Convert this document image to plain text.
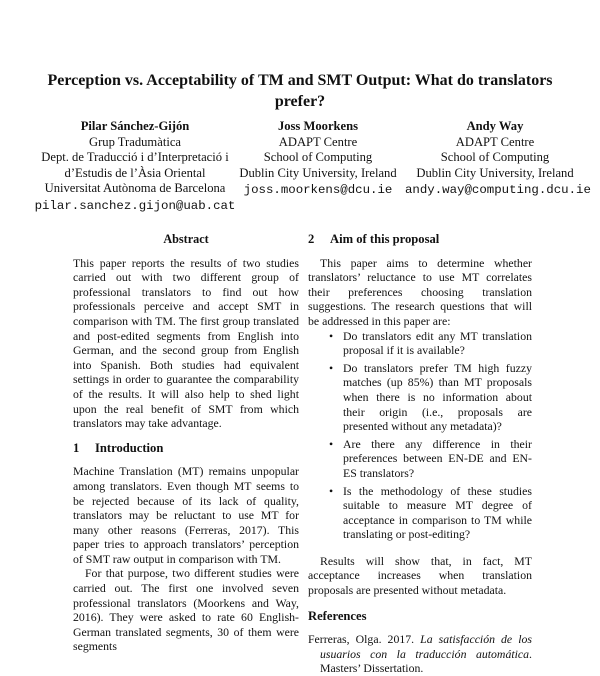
Perception vs. Acceptability of TM and SMT Output: What do translators prefer?
Pilar Sánchez-Gijón
Grup Tradumàtica
Dept. de Traducció i d’Interpretació i
d’Estudis de l’Àsia Oriental
Universitat Autònoma de Barcelona
pilar.sanchez.gijon@uab.cat
Joss Moorkens
ADAPT Centre
School of Computing
Dublin City University, Ireland
joss.moorkens@dcu.ie
Andy Way
ADAPT Centre
School of Computing
Dublin City University, Ireland
andy.way@computing.dcu.ie
Abstract

This paper reports the results of two studies carried out with two different group of professional translators to find out how professionals perceive and accept SMT in comparison with TM. The first group translated and post-edited segments from English into German, and the second group from English into Spanish. Both studies had equivalent settings in order to guarantee the comparability of the results. It will also help to shed light upon the real benefit of SMT from which translators may take advantage.

1 Introduction

Machine Translation (MT) remains unpopular among translators. Even though MT seems to be rejected because of its lack of quality, translators may be reluctant to use MT for many other reasons (Ferreras, 2017). This paper tries to approach translators’ perception of SMT raw output in comparison with TM.

For that purpose, two different studies were carried out. The first one involved seven professional translators (Moorkens and Way, 2016). They were asked to rate 60 English-German translated segments, 30 of them were segments

2 Aim of this proposal

This paper aims to determine whether translators’ reluctance to use MT correlates their preferences choosing translation suggestions. The research questions that will be addressed in this paper are:

• Do translators edit any MT translation proposal if it is available?
• Do translators prefer TM high fuzzy matches (up 85%) than MT proposals when there is no information about their origin (i.e., proposals are presented without any metadata)?
• Are there any difference in their preferences between EN-DE and EN-ES translators?
• Is the methodology of these studies suitable to measure MT degree of acceptance in comparison to TM while translating or post-editing?

Results will show that, in fact, MT acceptance increases when translation proposals are presented without metadata.

References

Ferreras, Olga. 2017. La satisfacción de los usuarios con la traducción automática. Masters’ Dissertation.
